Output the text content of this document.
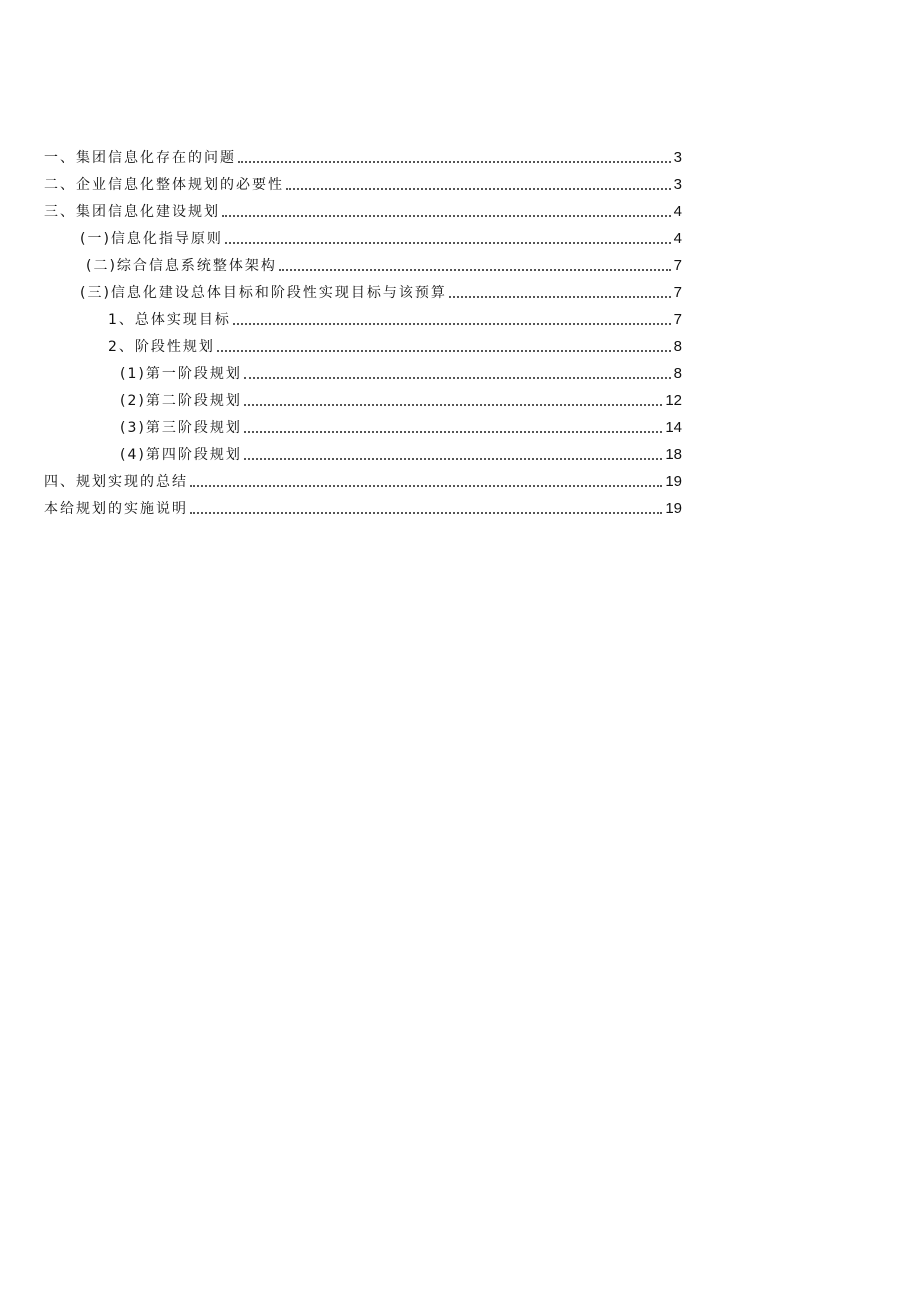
一、集团信息化存在的问题	3
二、企业信息化整体规划的必要性	3
三、集团信息化建设规划	4
(一)信息化指导原则	4
(二)综合信息系统整体架构	7
(三)信息化建设总体目标和阶段性实现目标与该预算	7
1、总体实现目标	7
2、阶段性规划	8
(1)第一阶段规划	8
(2)第二阶段规划	12
(3)第三阶段规划	14
(4)第四阶段规划	18
四、规划实现的总结	19
本给规划的实施说明	19
